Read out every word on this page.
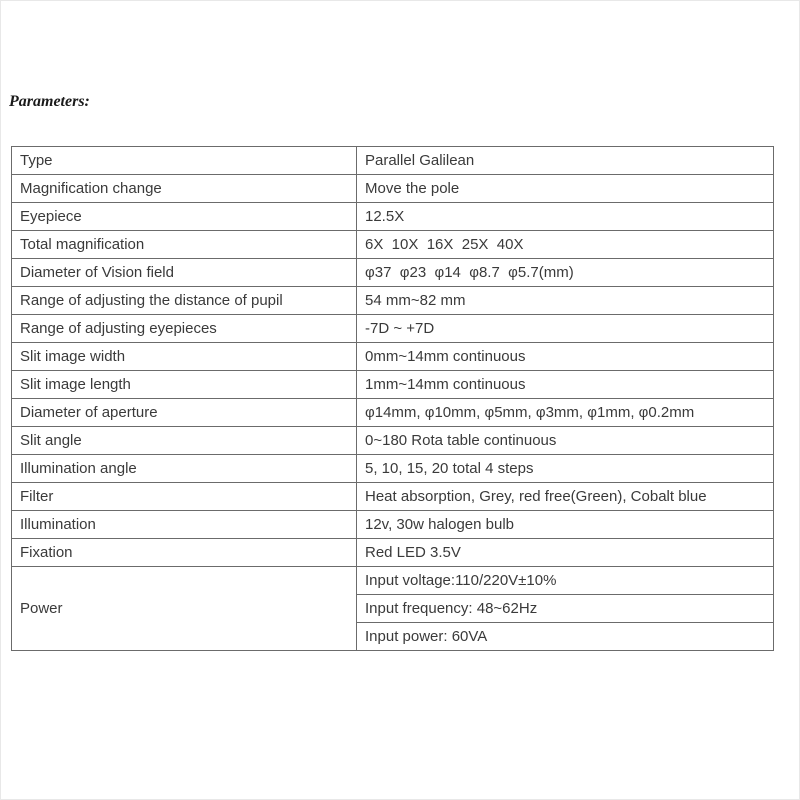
Parameters:

Type	Parallel Galilean
Magnification change	Move the pole
Eyepiece	12.5X
Total magnification	6X  10X  16X  25X  40X
Diameter of Vision field	φ37  φ23  φ14  φ8.7  φ5.7(mm)
Range of adjusting the distance of pupil	54 mm~82 mm
Range of adjusting eyepieces	-7D ~ +7D
Slit image width	0mm~14mm continuous
Slit image length	1mm~14mm continuous
Diameter of aperture	φ14mm, φ10mm, φ5mm, φ3mm, φ1mm, φ0.2mm
Slit angle	0~180 Rota table continuous
Illumination angle	5, 10, 15, 20 total 4 steps
Filter	Heat absorption, Grey, red free(Green), Cobalt blue
Illumination	12v, 30w halogen bulb
Fixation	Red LED 3.5V
Power	Input voltage:110/220V±10%
	Input frequency: 48~62Hz
	Input power: 60VA
